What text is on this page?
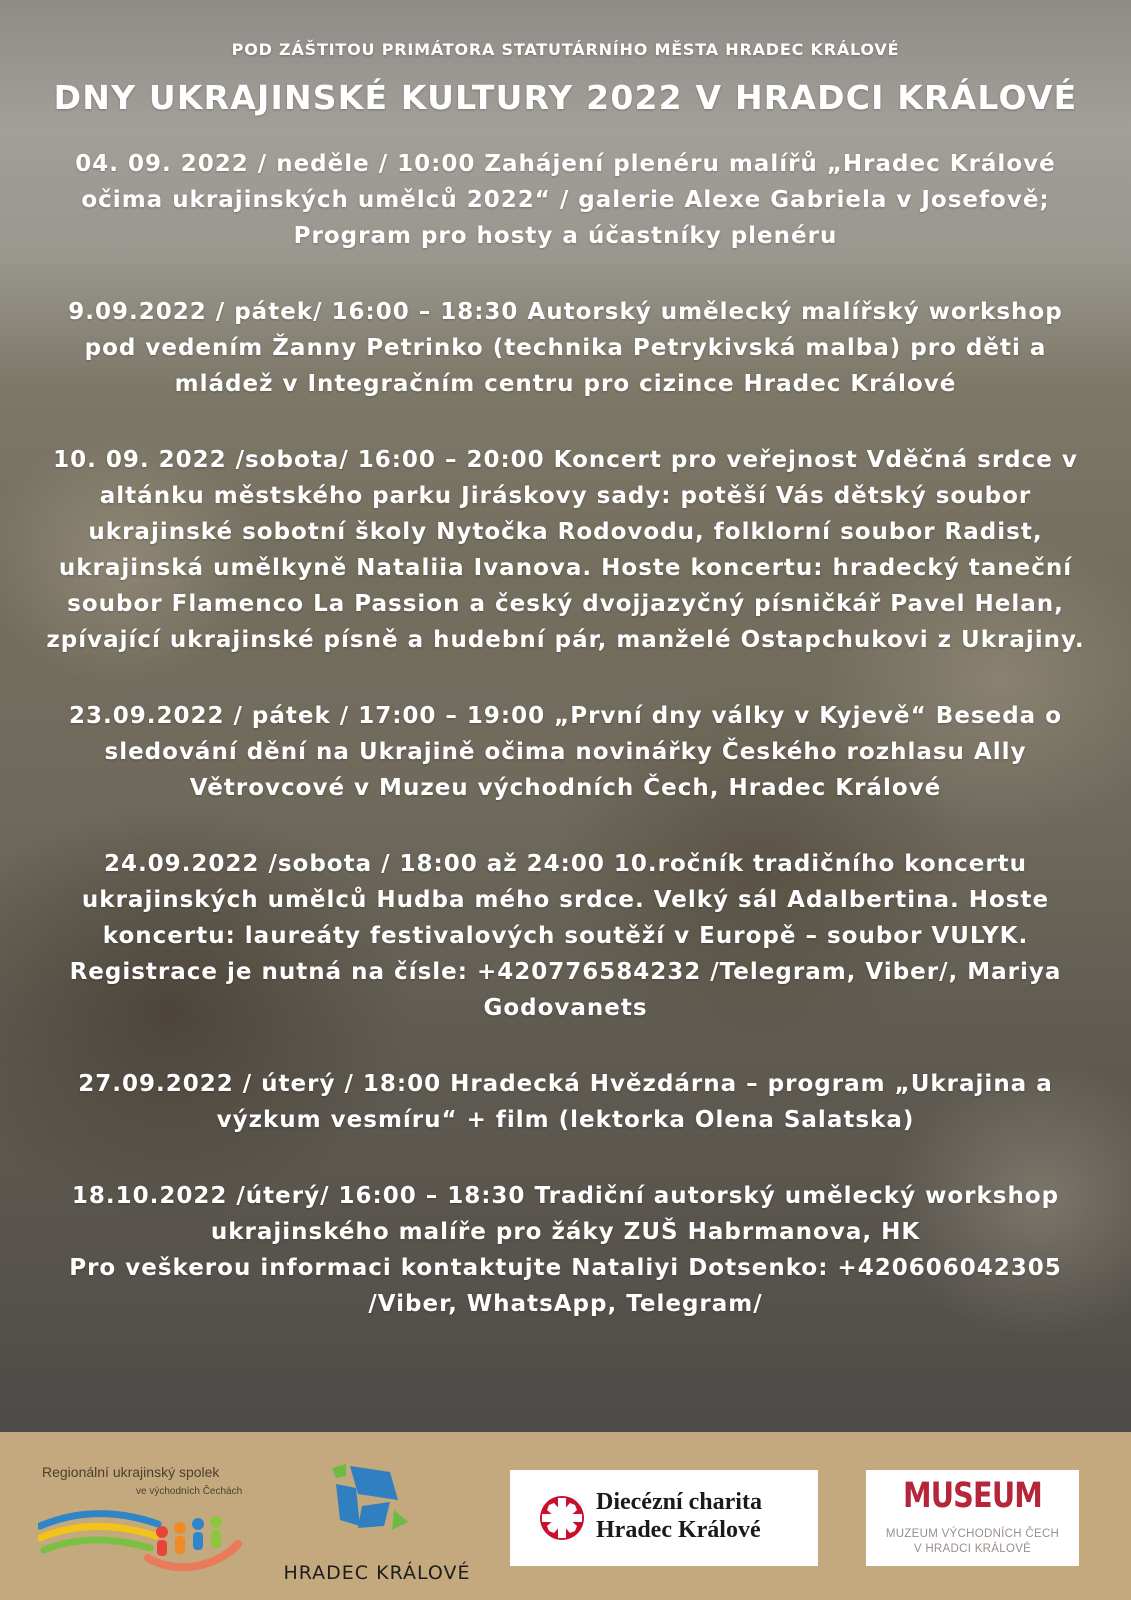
POD ZÁŠTITOU PRIMÁTORA STATUTÁRNÍHO MĚSTA HRADEC KRÁLOVÉ
DNY UKRAJINSKÉ KULTURY 2022 V HRADCI KRÁLOVÉ

04. 09. 2022 / neděle / 10:00 Zahájení plenéru malířů „Hradec Králové očima ukrajinských umělců 2022“ / galerie Alexe Gabriela v Josefově; Program pro hosty a účastníky plenéru

9.09.2022 / pátek/ 16:00 – 18:30 Autorský umělecký malířský workshop pod vedením Žanny Petrinko (technika Petrykivská malba) pro děti a mládež v Integračním centru pro cizince Hradec Králové

10. 09. 2022 /sobota/ 16:00 – 20:00 Koncert pro veřejnost Vděčná srdce v altánku městského parku Jiráskovy sady: potěší Vás dětský soubor ukrajinské sobotní školy Nytočka Rodovodu, folklorní soubor Radist, ukrajinská umělkyně Nataliia Ivanova. Hoste koncertu: hradecký taneční soubor Flamenco La Passion a český dvojjazyčný písničkář Pavel Helan, zpívající ukrajinské písně a hudební pár, manželé Ostapchukovi z Ukrajiny.

23.09.2022 / pátek / 17:00 – 19:00 „První dny války v Kyjevě“ Beseda o sledování dění na Ukrajině očima novinářky Českého rozhlasu Ally Větrovcové v Muzeu východních Čech, Hradec Králové

24.09.2022 /sobota / 18:00 až 24:00 10.ročník tradičního koncertu ukrajinských umělců Hudba mého srdce. Velký sál Adalbertina. Hoste koncertu: laureáty festivalových soutěží v Europě – soubor VULYK. Registrace je nutná na čísle: +420776584232 /Telegram, Viber/, Mariya Godovanets

27.09.2022 / úterý / 18:00 Hradecká Hvězdárna – program „Ukrajina a výzkum vesmíru“ + film (lektorka Olena Salatska)

18.10.2022 /úterý/ 16:00 – 18:30 Tradiční autorský umělecký workshop ukrajinského malíře pro žáky ZUŠ Habrmanova, HK

Pro veškerou informaci kontaktujte Nataliyi Dotsenko: +420606042305 /Viber, WhatsApp, Telegram/

Regionální ukrajinský spolek
ve východních Čechách
HRADEC KRÁLOVÉ
Diecézní charita
Hradec Králové
MUSEUM
MUZEUM VÝCHODNÍCH ČECH
V HRADCI KRÁLOVÉ
